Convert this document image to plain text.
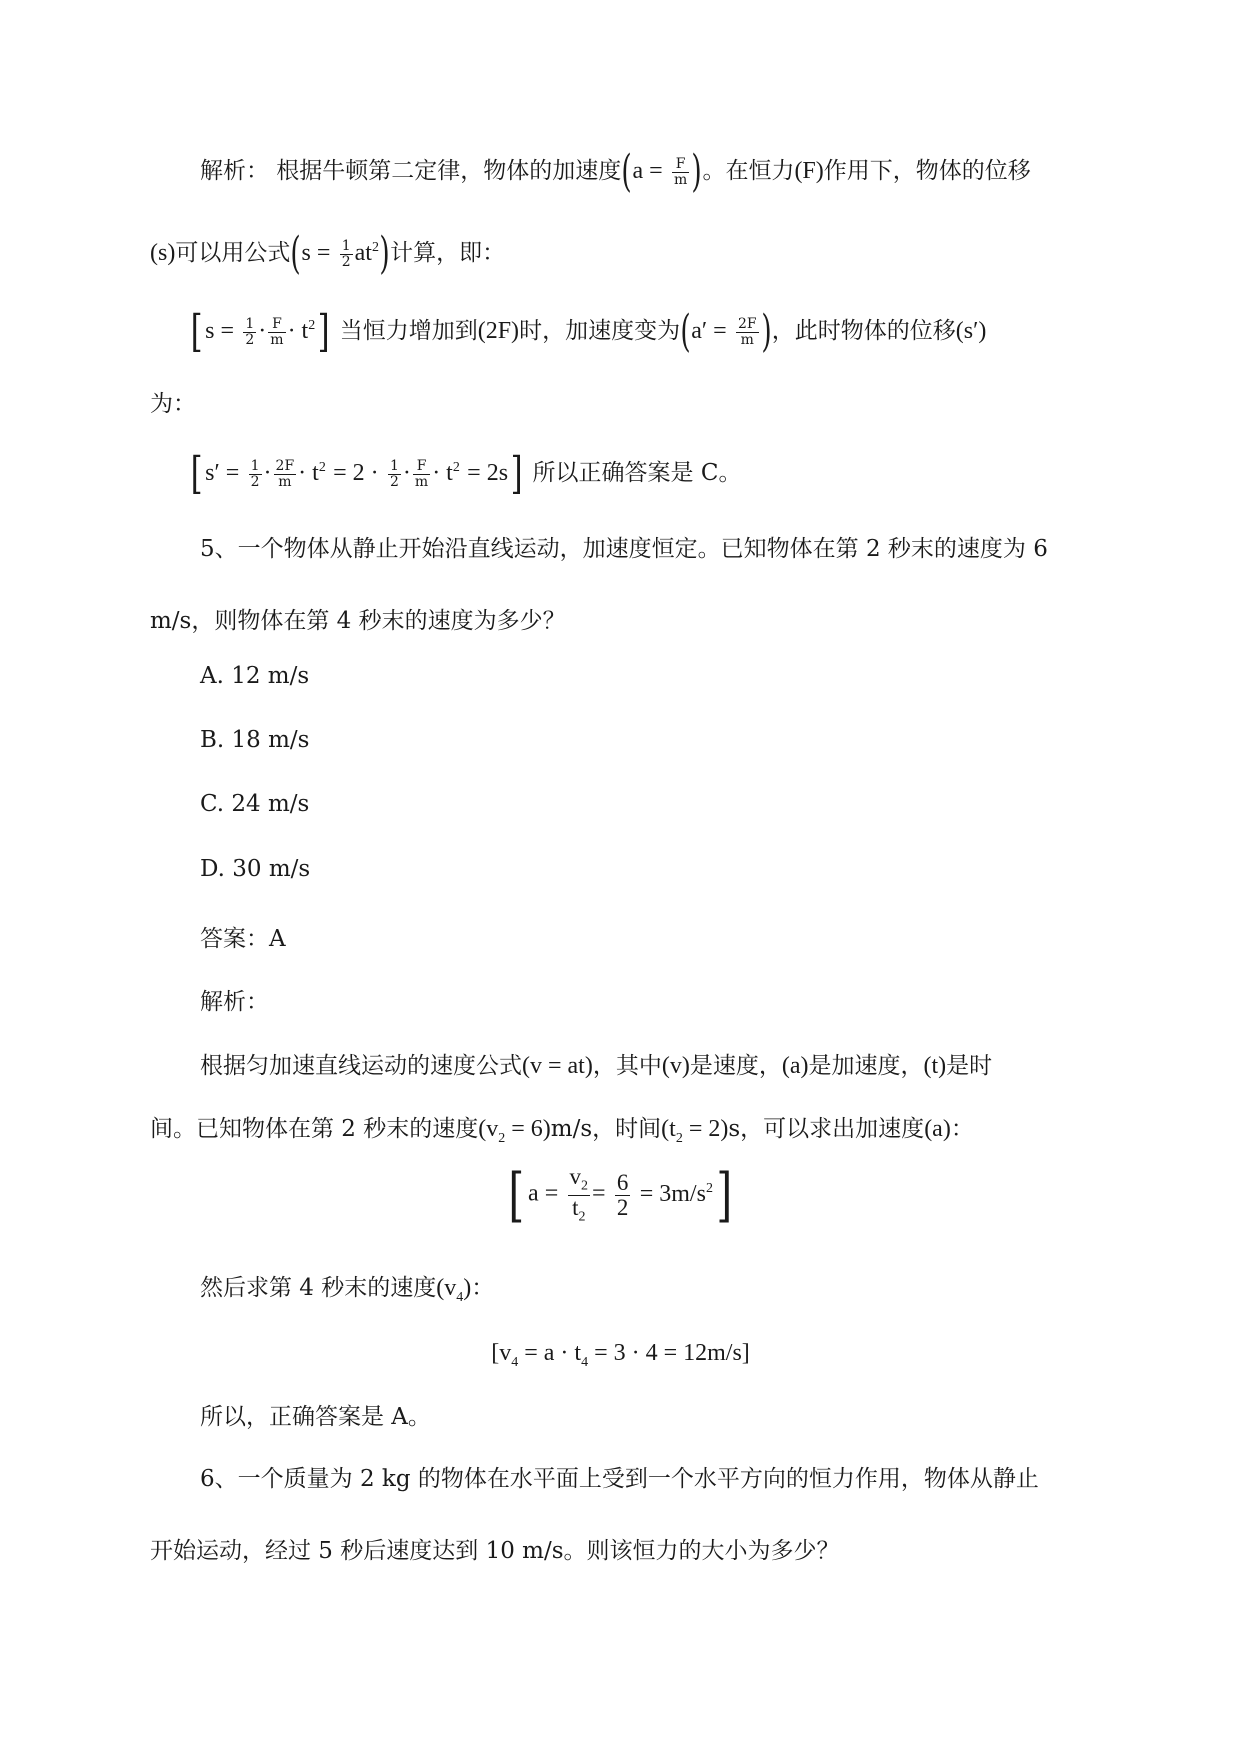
解析： 根据牛顿第二定律，物体的加速度($a = \frac{F}{m}$ )。在恒力(F)作用下，物体的位移
(s)可以用公式$(s = \frac{1}{2} at^2)$计算，即：
[ $s = \frac{1}{2} \cdot \frac{F}{m} \cdot t^2$] 当恒力增加到(2F)时，加速度变为($a' = \frac{2F}{m}$ )，此时物体的位移(s′)
为：
[ $s' = \frac{1}{2} \cdot \frac{2F}{m} \cdot t^2 = 2 \cdot \frac{1}{2} \cdot \frac{F}{m} \cdot t^2 = 2s$] 所以正确答案是 C。
5、一个物体从静止开始沿直线运动，加速度恒定。已知物体在第 2 秒末的速度为 6
m/s，则物体在第 4 秒末的速度为多少？
A. 12 m/s
B. 18 m/s
C. 24 m/s
D. 30 m/s
答案：A
解析：
根据匀加速直线运动的速度公式(v = at)，其中(v)是速度，(a)是加速度，(t)是时
间。已知物体在第 2 秒末的速度$(v_2 = 6)m/s$，时间$(t_2 = 2)s$，可以求出加速度(a)：
[ $a = \frac{v_2}{t_2} = \frac{6}{2} = 3m/s^2$]
然后求第 4 秒末的速度$(v_4)$：
$[v_4 = a \cdot t_4 = 3 \cdot 4 = 12m/s]$
所以，正确答案是 A。
6、一个质量为 2 kg 的物体在水平面上受到一个水平方向的恒力作用，物体从静止
开始运动，经过 5 秒后速度达到 10 m/s。则该恒力的大小为多少？
